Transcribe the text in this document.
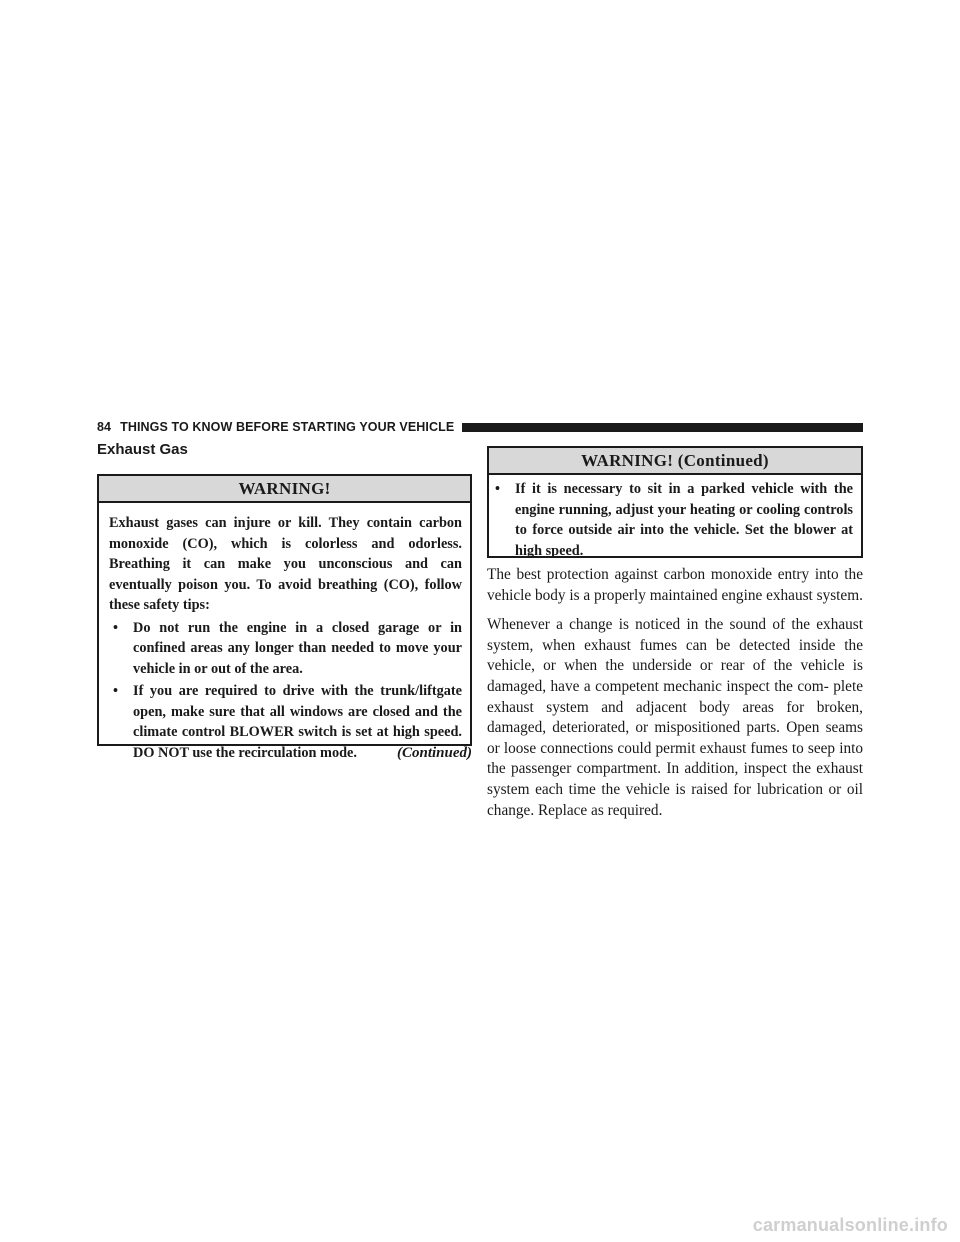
84 THINGS TO KNOW BEFORE STARTING YOUR VEHICLE
Exhaust Gas
WARNING!

Exhaust gases can injure or kill. They contain carbon monoxide (CO), which is colorless and odorless. Breathing it can make you unconscious and can eventually poison you. To avoid breathing (CO), follow these safety tips:

• Do not run the engine in a closed garage or in confined areas any longer than needed to move your vehicle in or out of the area.
• If you are required to drive with the trunk/liftgate open, make sure that all windows are closed and the climate control BLOWER switch is set at high speed. DO NOT use the recirculation mode.	(Continued)
WARNING! (Continued)
• If it is necessary to sit in a parked vehicle with the engine running, adjust your heating or cooling controls to force outside air into the vehicle. Set the blower at high speed.

The best protection against carbon monoxide entry into the vehicle body is a properly maintained engine exhaust system.

Whenever a change is noticed in the sound of the exhaust system, when exhaust fumes can be detected inside the vehicle, or when the underside or rear of the vehicle is damaged, have a competent mechanic inspect the com- plete exhaust system and adjacent body areas for broken, damaged, deteriorated, or mispositioned parts. Open seams or loose connections could permit exhaust fumes to seep into the passenger compartment. In addition, inspect the exhaust system each time the vehicle is raised for lubrication or oil change. Replace as required.

carmanualsonline.info
